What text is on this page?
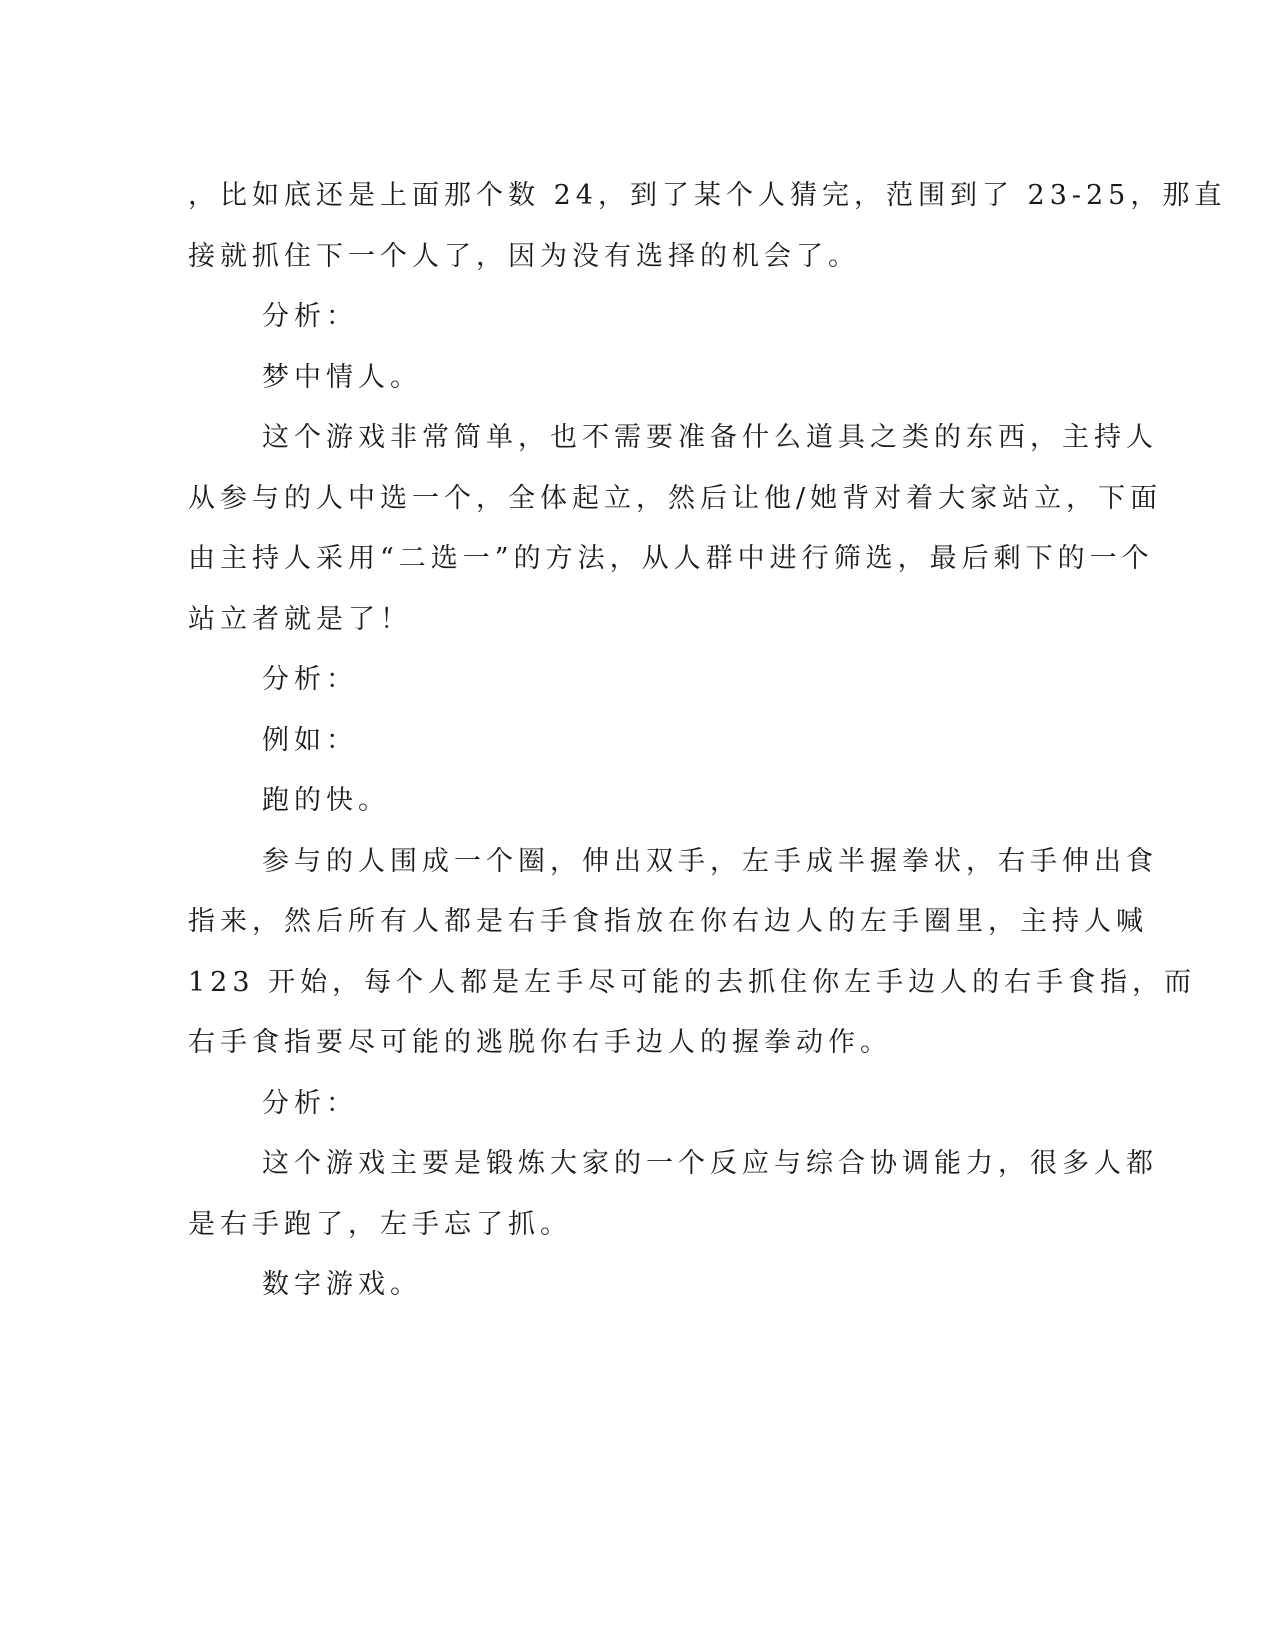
，比如底还是上面那个数 24，到了某个人猜完，范围到了 23-25，那直
接就抓住下一个人了，因为没有选择的机会了。

分析：

梦中情人。

这个游戏非常简单，也不需要准备什么道具之类的东西，主持人
从参与的人中选一个，全体起立，然后让他/她背对着大家站立，下面
由主持人采用“二选一”的方法，从人群中进行筛选，最后剩下的一个
站立者就是了！

分析：

例如：

跑的快。

参与的人围成一个圈，伸出双手，左手成半握拳状，右手伸出食
指来，然后所有人都是右手食指放在你右边人的左手圈里，主持人喊
123 开始，每个人都是左手尽可能的去抓住你左手边人的右手食指，而
右手食指要尽可能的逃脱你右手边人的握拳动作。

分析：

这个游戏主要是锻炼大家的一个反应与综合协调能力，很多人都
是右手跑了，左手忘了抓。

数字游戏。
